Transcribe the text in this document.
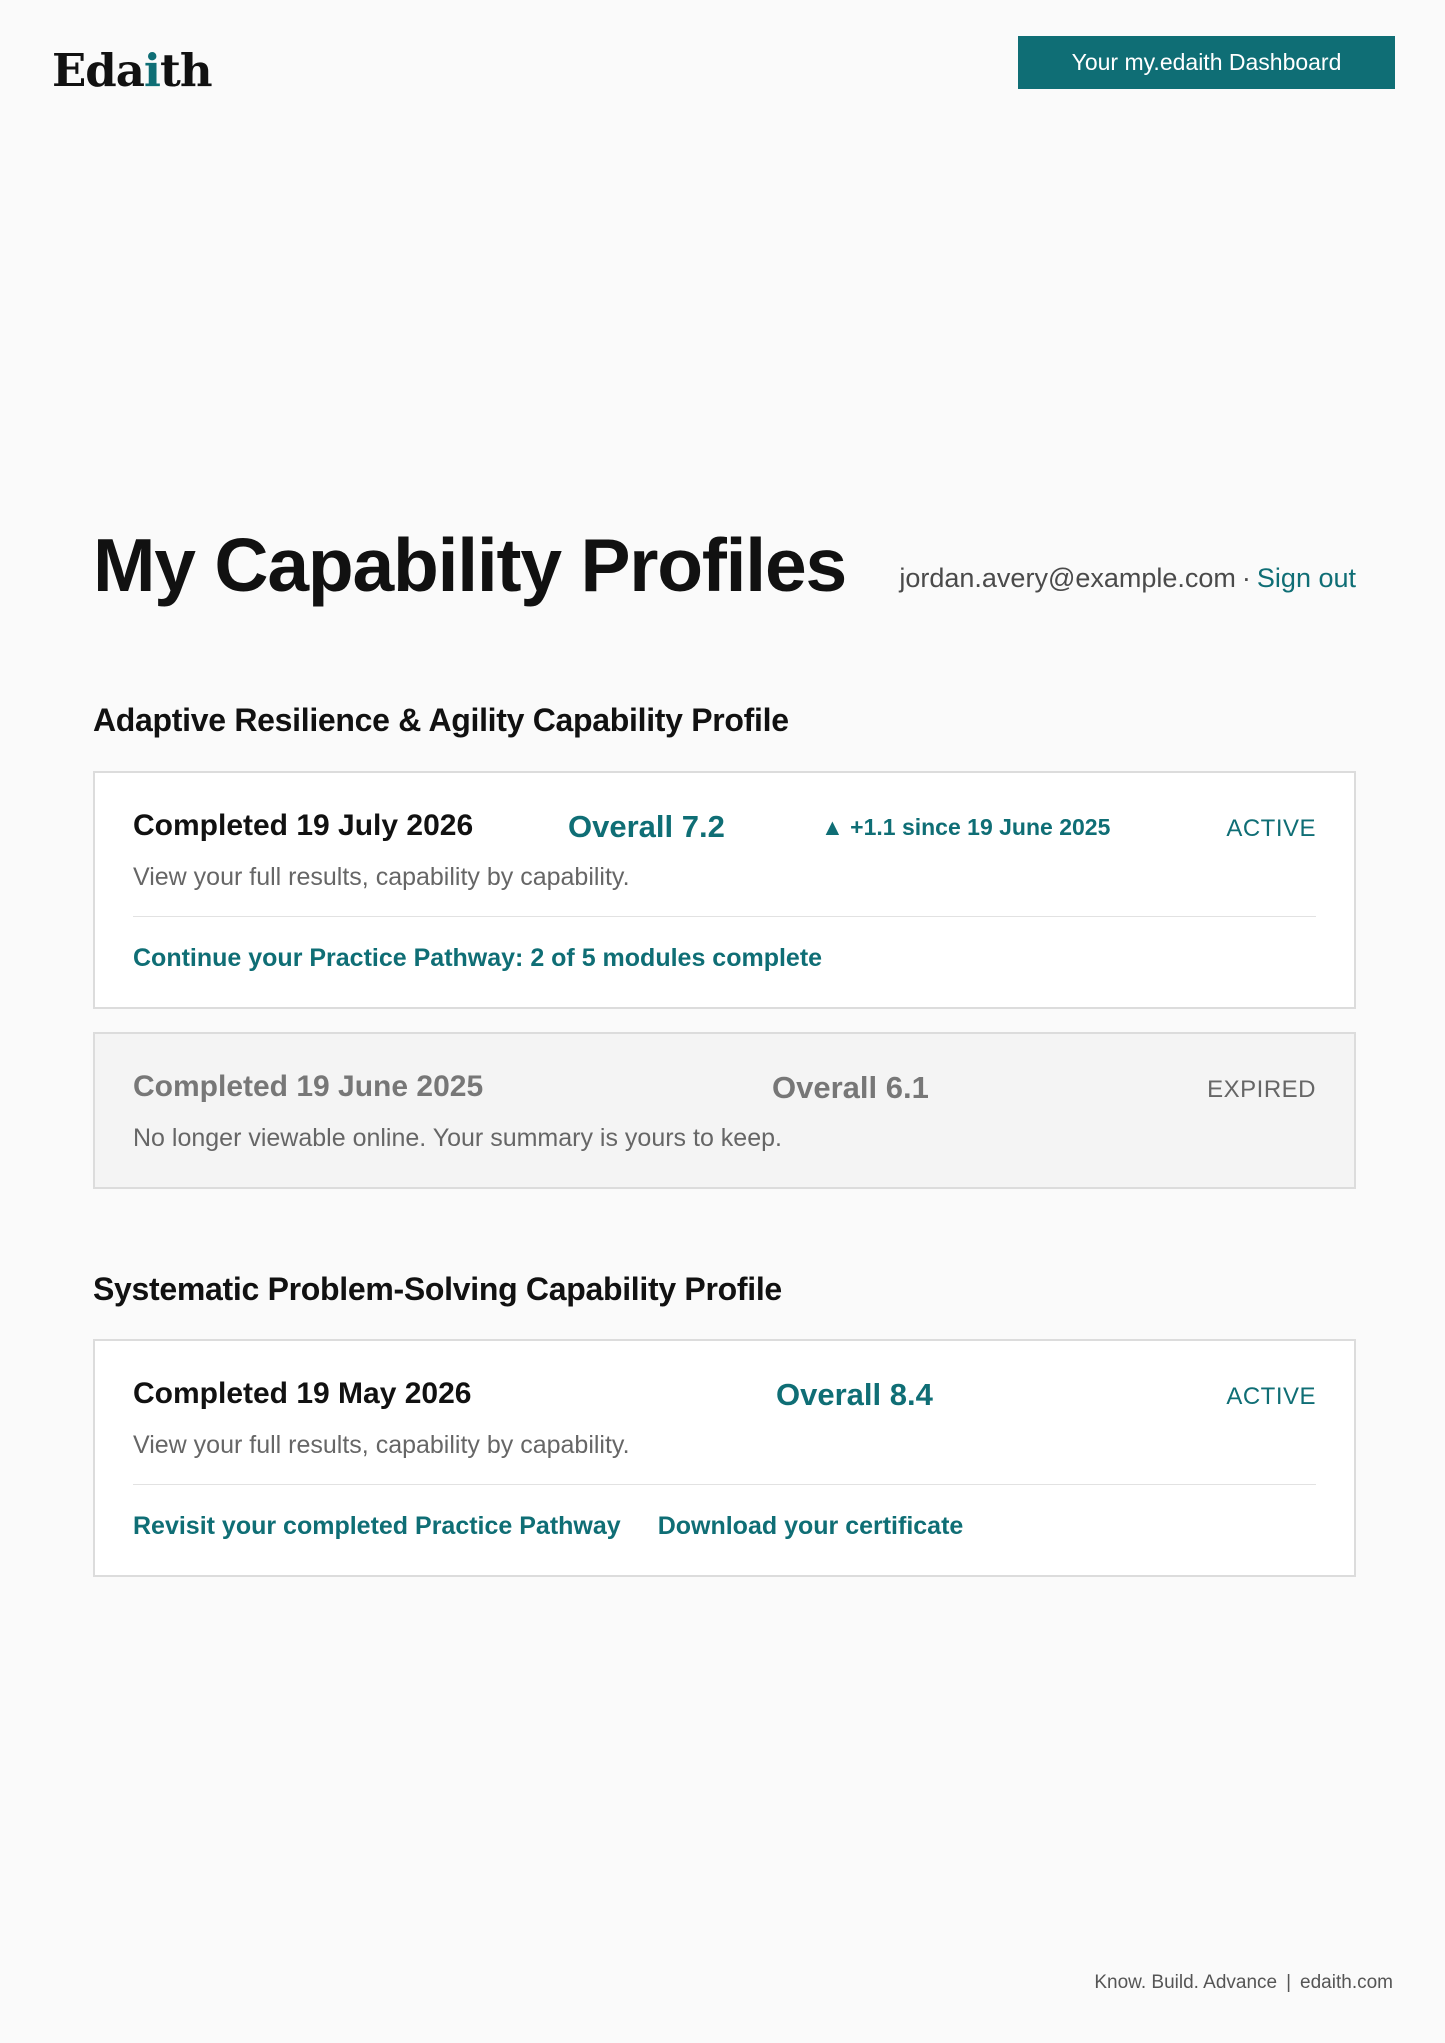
Edaith	Your my.edaith Dashboard
My Capability Profiles jordan.avery@example.com · Sign out
Adaptive Resilience & Agility Capability Profile
Completed 19 July 2026	Overall 7.2	▲ +1.1 since 19 June 2025	ACTIVE
View your full results, capability by capability.
Continue your Practice Pathway: 2 of 5 modules complete
Completed 19 June 2025	Overall 6.1	EXPIRED
No longer viewable online. Your summary is yours to keep.
Systematic Problem-Solving Capability Profile
Completed 19 May 2026	Overall 8.4	ACTIVE
View your full results, capability by capability.
Revisit your completed Practice Pathway Download your certificate
Know. Build. Advance | edaith.com
